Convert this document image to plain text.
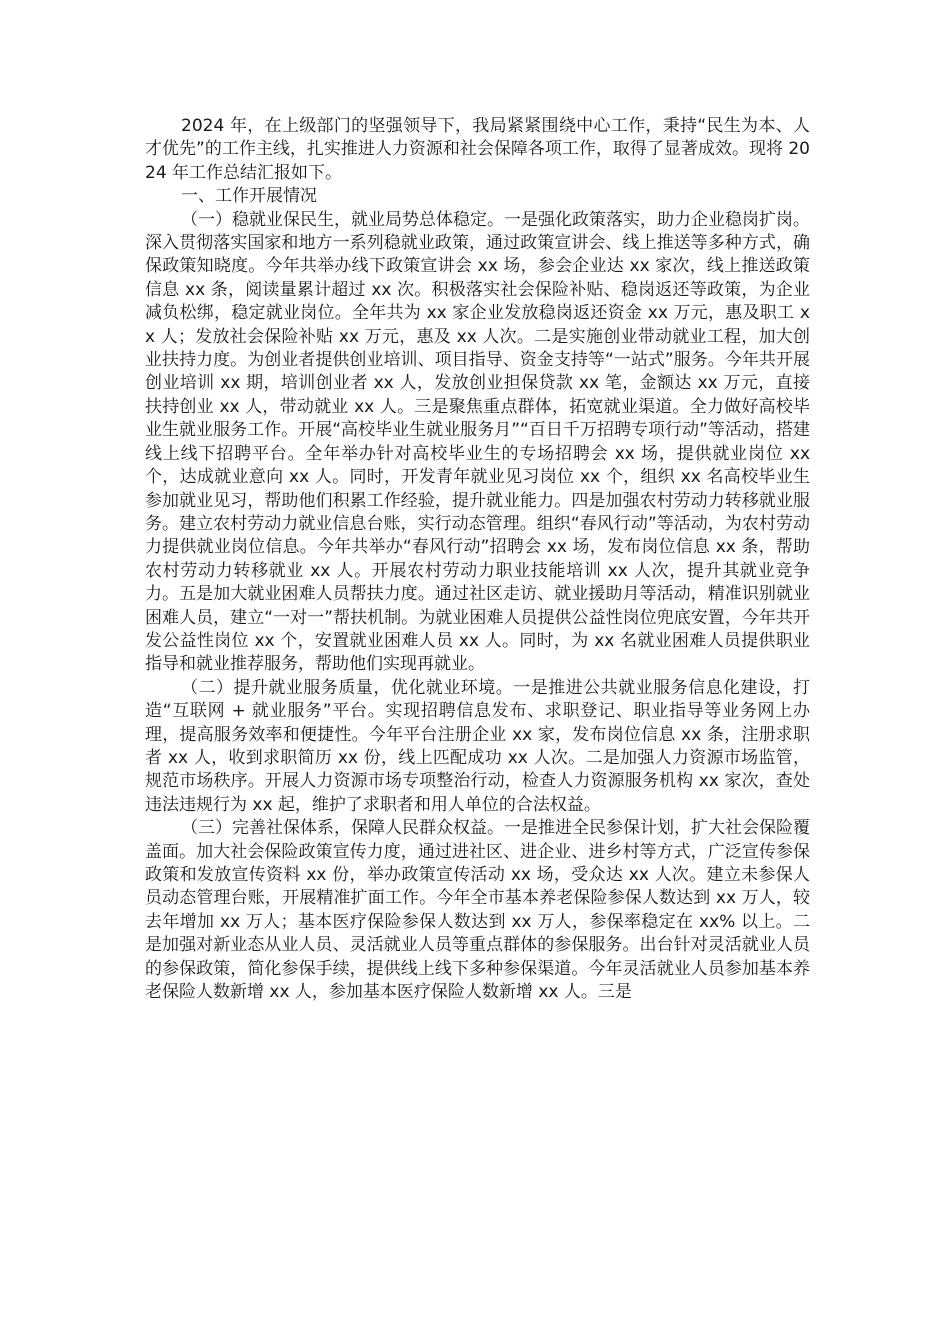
2024 年，在上级部门的坚强领导下，我局紧紧围绕中心工作，秉持“民生为本、人才优先”的工作主线，扎实推进人力资源和社会保障各项工作，取得了显著成效。现将 2024 年工作总结汇报如下。

一、工作开展情况

（一）稳就业保民生，就业局势总体稳定。一是强化政策落实，助力企业稳岗扩岗。深入贯彻落实国家和地方一系列稳就业政策，通过政策宣讲会、线上推送等多种方式，确保政策知晓度。今年共举办线下政策宣讲会 xx 场，参会企业达 xx 家次，线上推送政策信息 xx 条，阅读量累计超过 xx 次。积极落实社会保险补贴、稳岗返还等政策，为企业减负松绑，稳定就业岗位。全年共为 xx 家企业发放稳岗返还资金 xx 万元，惠及职工 xx 人；发放社会保险补贴 xx 万元，惠及 xx 人次。二是实施创业带动就业工程，加大创业扶持力度。为创业者提供创业培训、项目指导、资金支持等“一站式”服务。今年共开展创业培训 xx 期，培训创业者 xx 人，发放创业担保贷款 xx 笔，金额达 xx 万元，直接扶持创业 xx 人，带动就业 xx 人。三是聚焦重点群体，拓宽就业渠道。全力做好高校毕业生就业服务工作。开展“高校毕业生就业服务月”“百日千万招聘专项行动”等活动，搭建线上线下招聘平台。全年举办针对高校毕业生的专场招聘会 xx 场，提供就业岗位 xx 个，达成就业意向 xx 人。同时，开发青年就业见习岗位 xx 个，组织 xx 名高校毕业生参加就业见习，帮助他们积累工作经验，提升就业能力。四是加强农村劳动力转移就业服务。建立农村劳动力就业信息台账，实行动态管理。组织“春风行动”等活动，为农村劳动力提供就业岗位信息。今年共举办“春风行动”招聘会 xx 场，发布岗位信息 xx 条，帮助农村劳动力转移就业 xx 人。开展农村劳动力职业技能培训 xx 人次，提升其就业竞争力。五是加大就业困难人员帮扶力度。通过社区走访、就业援助月等活动，精准识别就业困难人员，建立“一对一”帮扶机制。为就业困难人员提供公益性岗位兜底安置，今年共开发公益性岗位 xx 个，安置就业困难人员 xx 人。同时，为 xx 名就业困难人员提供职业指导和就业推荐服务，帮助他们实现再就业。

（二）提升就业服务质量，优化就业环境。一是推进公共就业服务信息化建设，打造“互联网 + 就业服务”平台。实现招聘信息发布、求职登记、职业指导等业务网上办理，提高服务效率和便捷性。今年平台注册企业 xx 家，发布岗位信息 xx 条，注册求职者 xx 人，收到求职简历 xx 份，线上匹配成功 xx 人次。二是加强人力资源市场监管，规范市场秩序。开展人力资源市场专项整治行动，检查人力资源服务机构 xx 家次，查处违法违规行为 xx 起，维护了求职者和用人单位的合法权益。

（三）完善社保体系，保障人民群众权益。一是推进全民参保计划，扩大社会保险覆盖面。加大社会保险政策宣传力度，通过进社区、进企业、进乡村等方式，广泛宣传参保政策和发放宣传资料 xx 份，举办政策宣传活动 xx 场，受众达 xx 人次。建立未参保人员动态管理台账，开展精准扩面工作。今年全市基本养老保险参保人数达到 xx 万人，较去年增加 xx 万人；基本医疗保险参保人数达到 xx 万人，参保率稳定在 xx% 以上。二是加强对新业态从业人员、灵活就业人员等重点群体的参保服务。出台针对灵活就业人员的参保政策，简化参保手续，提供线上线下多种参保渠道。今年灵活就业人员参加基本养老保险人数新增 xx 人，参加基本医疗保险人数新增 xx 人。三是
